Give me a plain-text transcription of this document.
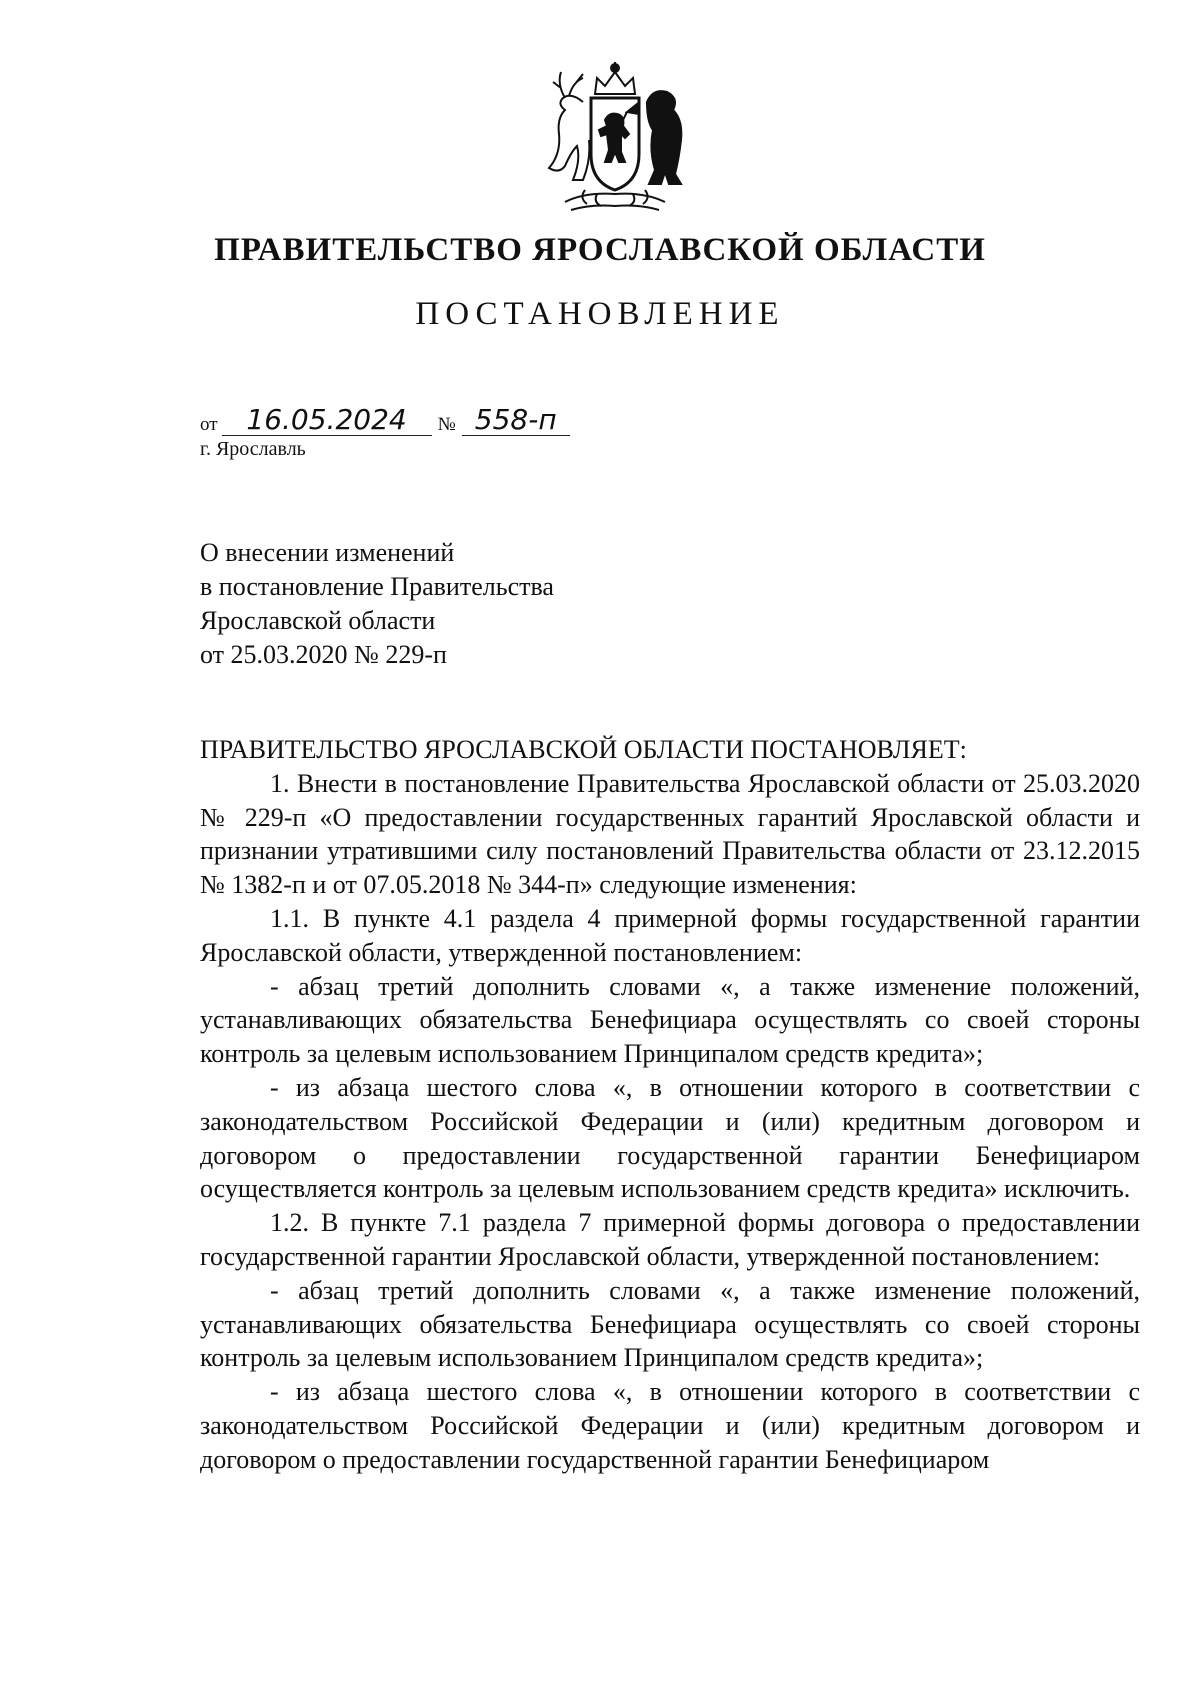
ПРАВИТЕЛЬСТВО ЯРОСЛАВСКОЙ ОБЛАСТИ
ПОСТАНОВЛЕНИЕ
от	16.05.2024	№ 558-п
г. Ярославль
О внесении изменений
в постановление Правительства
Ярославской области
от 25.03.2020 № 229-п

ПРАВИТЕЛЬСТВО ЯРОСЛАВСКОЙ ОБЛАСТИ ПОСТАНОВЛЯЕТ:

1. Внести в постановление Правительства Ярославской области от 25.03.2020 № 229-п «О предоставлении государственных гарантий Ярославской области и признании утратившими силу постановлений Правительства области от 23.12.2015 № 1382-п и от 07.05.2018 № 344-п» следующие изменения:

1.1. В пункте 4.1 раздела 4 примерной формы государственной гарантии Ярославской области, утвержденной постановлением:

- абзац третий дополнить словами «, а также изменение положений, устанавливающих обязательства Бенефициара осуществлять со своей стороны контроль за целевым использованием Принципалом средств кредита»;

- из абзаца шестого слова «, в отношении которого в соответствии с законодательством Российской Федерации и (или) кредитным договором и договором о предоставлении государственной гарантии Бенефициаром осуществляется контроль за целевым использованием средств кредита» исключить.

1.2. В пункте 7.1 раздела 7 примерной формы договора о предоставлении государственной гарантии Ярославской области, утвержденной постановлением:

- абзац третий дополнить словами «, а также изменение положений, устанавливающих обязательства Бенефициара осуществлять со своей стороны контроль за целевым использованием Принципалом средств кредита»;

- из абзаца шестого слова «, в отношении которого в соответствии с законодательством Российской Федерации и (или) кредитным договором и договором о предоставлении государственной гарантии Бенефициаром
